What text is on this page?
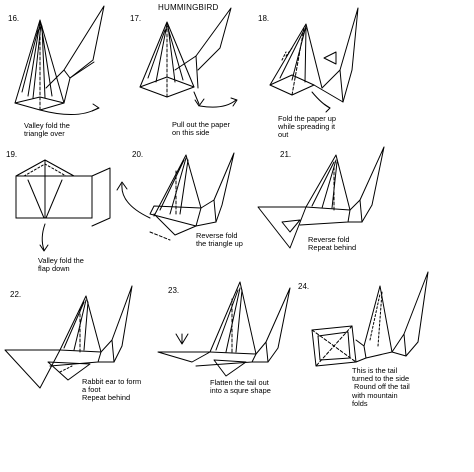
HUMMINGBIRD
16.
Valley fold the
triangle over
17.
Pull out the paper
on this side
18.
Fold the paper up
while spreading it
out
19.
Valley fold the
flap down
20.
Reverse fold
the triangle up
21.
Reverse fold
Repeat behind
22.
Rabbit ear to form
a foot
Repeat behind
23.
Flatten the tail out
into a squre shape
24.
This is the tail
turned to the side
Round off the tail
with mountain
folds
